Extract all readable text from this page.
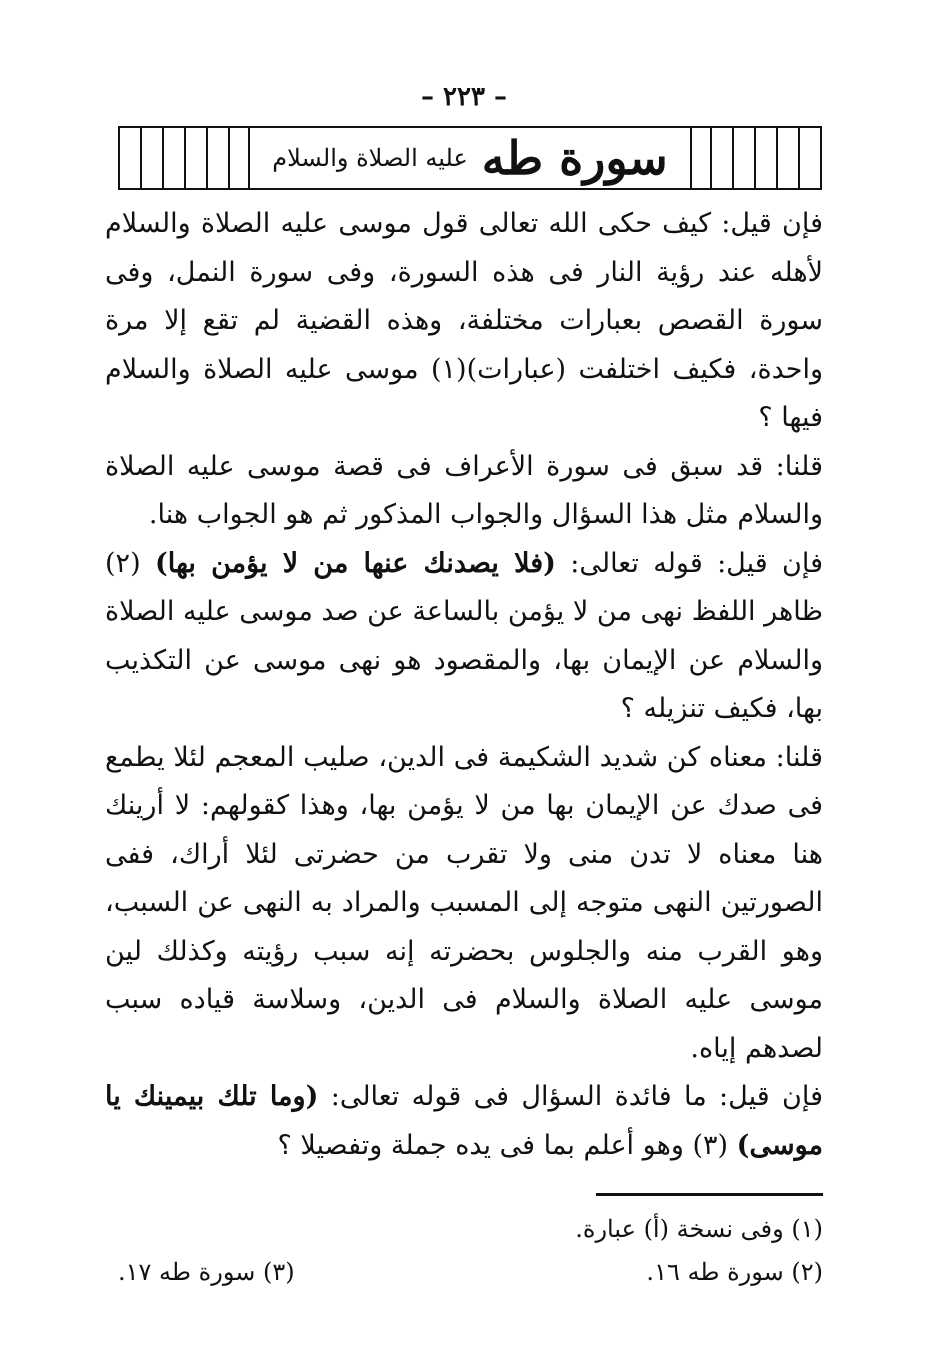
– ٢٢٣ –
سورة طه
عليه الصلاة والسلام

فإن قيل: كيف حكى الله تعالى قول موسى عليه الصلاة والسلام لأهله عند رؤية النار فى هذه السورة، وفى سورة النمل، وفى سورة القصص بعبارات مختلفة، وهذه القضية لم تقع إلا مرة واحدة، فكيف اختلفت (عبارات)(١) موسى عليه الصلاة والسلام فيها ؟

قلنا: قد سبق فى سورة الأعراف فى قصة موسى عليه الصلاة والسلام مثل هذا السؤال والجواب المذكور ثم هو الجواب هنا.

فإن قيل: قوله تعالى: (فلا يصدنك عنها من لا يؤمن بها) (٢) ظاهر اللفظ نهى من لا يؤمن بالساعة عن صد موسى عليه الصلاة والسلام عن الإيمان بها، والمقصود هو نهى موسى عن التكذيب بها، فكيف تنزيله ؟

قلنا: معناه كن شديد الشكيمة فى الدين، صليب المعجم لئلا يطمع فى صدك عن الإيمان بها من لا يؤمن بها، وهذا كقولهم: لا أرينك هنا معناه لا تدن منى ولا تقرب من حضرتى لئلا أراك، ففى الصورتين النهى متوجه إلى المسبب والمراد به النهى عن السبب، وهو القرب منه والجلوس بحضرته إنه سبب رؤيته وكذلك لين موسى عليه الصلاة والسلام فى الدين، وسلاسة قياده سبب لصدهم إياه.

فإن قيل: ما فائدة السؤال فى قوله تعالى: (وما تلك بيمينك يا موسى) (٣) وهو أعلم بما فى يده جملة وتفصيلا ؟

(١) وفى نسخة (أ) عبارة.
(٢) سورة طه ١٦.
(٣) سورة طه ١٧.
